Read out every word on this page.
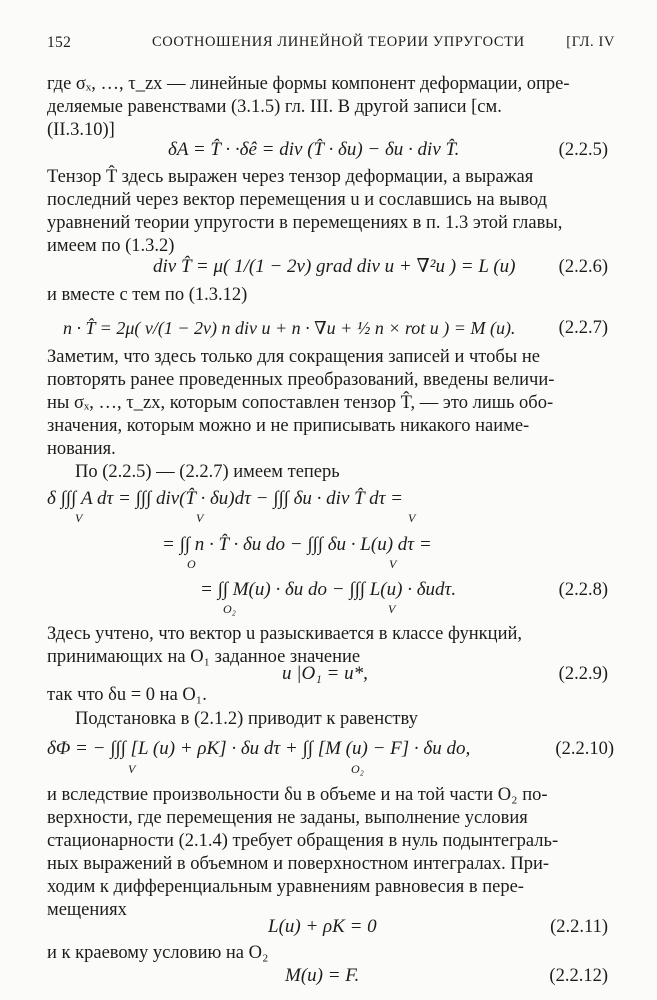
152	СООТНОШЕНИЯ ЛИНЕЙНОЙ ТЕОРИИ УПРУГОСТИ	[ГЛ. IV
где σₓ, …, τ_zx — линейные формы компонент деформации, опре-
деляемые равенствами (3.1.5) гл. III. В другой записи [см.
(II.3.10)]
δA = T̂ · ·δê = div (T̂ · δu) − δu · div T̂.	(2.2.5)
Тензор T̂ здесь выражен через тензор деформации, а выражая
последний через вектор перемещения u и сославшись на вывод
уравнений теории упругости в перемещениях в п. 1.3 этой главы,
имеем по (1.3.2)
div T̂ = μ( 1/(1 − 2ν) grad div u + ∇²u ) = L (u) (2.2.6)
и вместе с тем по (1.3.12)
n · T̂ = 2μ( ν/(1 − 2ν) n div u + n · ∇u + ½ n × rot u ) = M (u). (2.2.7)
Заметим, что здесь только для сокращения записей и чтобы не
повторять ранее проведенных преобразований, введены величи-
ны σₓ, …, τ_zx, которым сопоставлен тензор T̂, — это лишь обо-
значения, которым можно и не приписывать никакого наиме-
нования.
По (2.2.5) — (2.2.7) имеем теперь
δ ∫∫∫ A dτ = ∫∫∫ div(T̂ · δu)dτ − ∫∫∫ δu · div T̂ dτ =
V	V	V
= ∫∫ n · T̂ · δu do − ∫∫∫ δu · L(u) dτ =
O	V
= ∫∫ M(u) · δu do − ∫∫∫ L(u) · δudτ.
O₂	V
(2.2.8)
Здесь учтено, что вектор u разыскивается в классе функций,
принимающих на O₁ заданное значение
u |O₁ = u*,	(2.2.9)
так что δu = 0 на O₁.
Подстановка в (2.1.2) приводит к равенству
δΦ = − ∫∫∫ [L (u) + ρK] · δu dτ + ∫∫ [M (u) − F] · δu do,
V	O₂
(2.2.10)
и вследствие произвольности δu в объеме и на той части O₂ по-
верхности, где перемещения не заданы, выполнение условия
стационарности (2.1.4) требует обращения в нуль подынтеграль-
ных выражений в объемном и поверхностном интегралах. При-
ходим к дифференциальным уравнениям равновесия в пере-
мещениях
L(u) + ρK = 0	(2.2.11)
и к краевому условию на O₂
M(u) = F.	(2.2.12)
